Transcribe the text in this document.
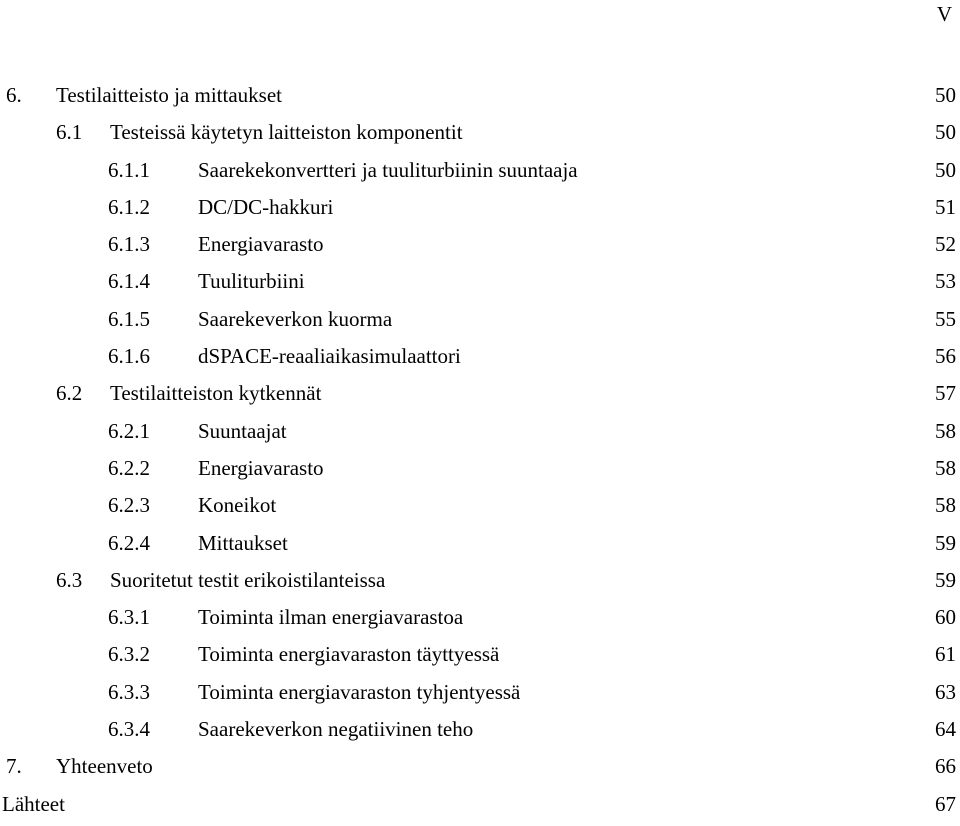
V
6. Testilaitteisto ja mittaukset	50
6.1 Testeissä käytetyn laitteiston komponentit	50
6.1.1 Saarekekonvertteri ja tuuliturbiinin suuntaaja	50
6.1.2 DC/DC-hakkuri	51
6.1.3 Energiavarasto	52
6.1.4 Tuuliturbiini	53
6.1.5 Saarekeverkon kuorma	55
6.1.6 dSPACE-reaaliaikasimulaattori	56
6.2 Testilaitteiston kytkennät	57
6.2.1 Suuntaajat	58
6.2.2 Energiavarasto	58
6.2.3 Koneikot	58
6.2.4 Mittaukset	59
6.3 Suoritetut testit erikoistilanteissa	59
6.3.1 Toiminta ilman energiavarastoa	60
6.3.2 Toiminta energiavaraston täyttyessä	61
6.3.3 Toiminta energiavaraston tyhjentyessä	63
6.3.4 Saarekeverkon negatiivinen teho	64
7. Yhteenveto	66
Lähteet	67
